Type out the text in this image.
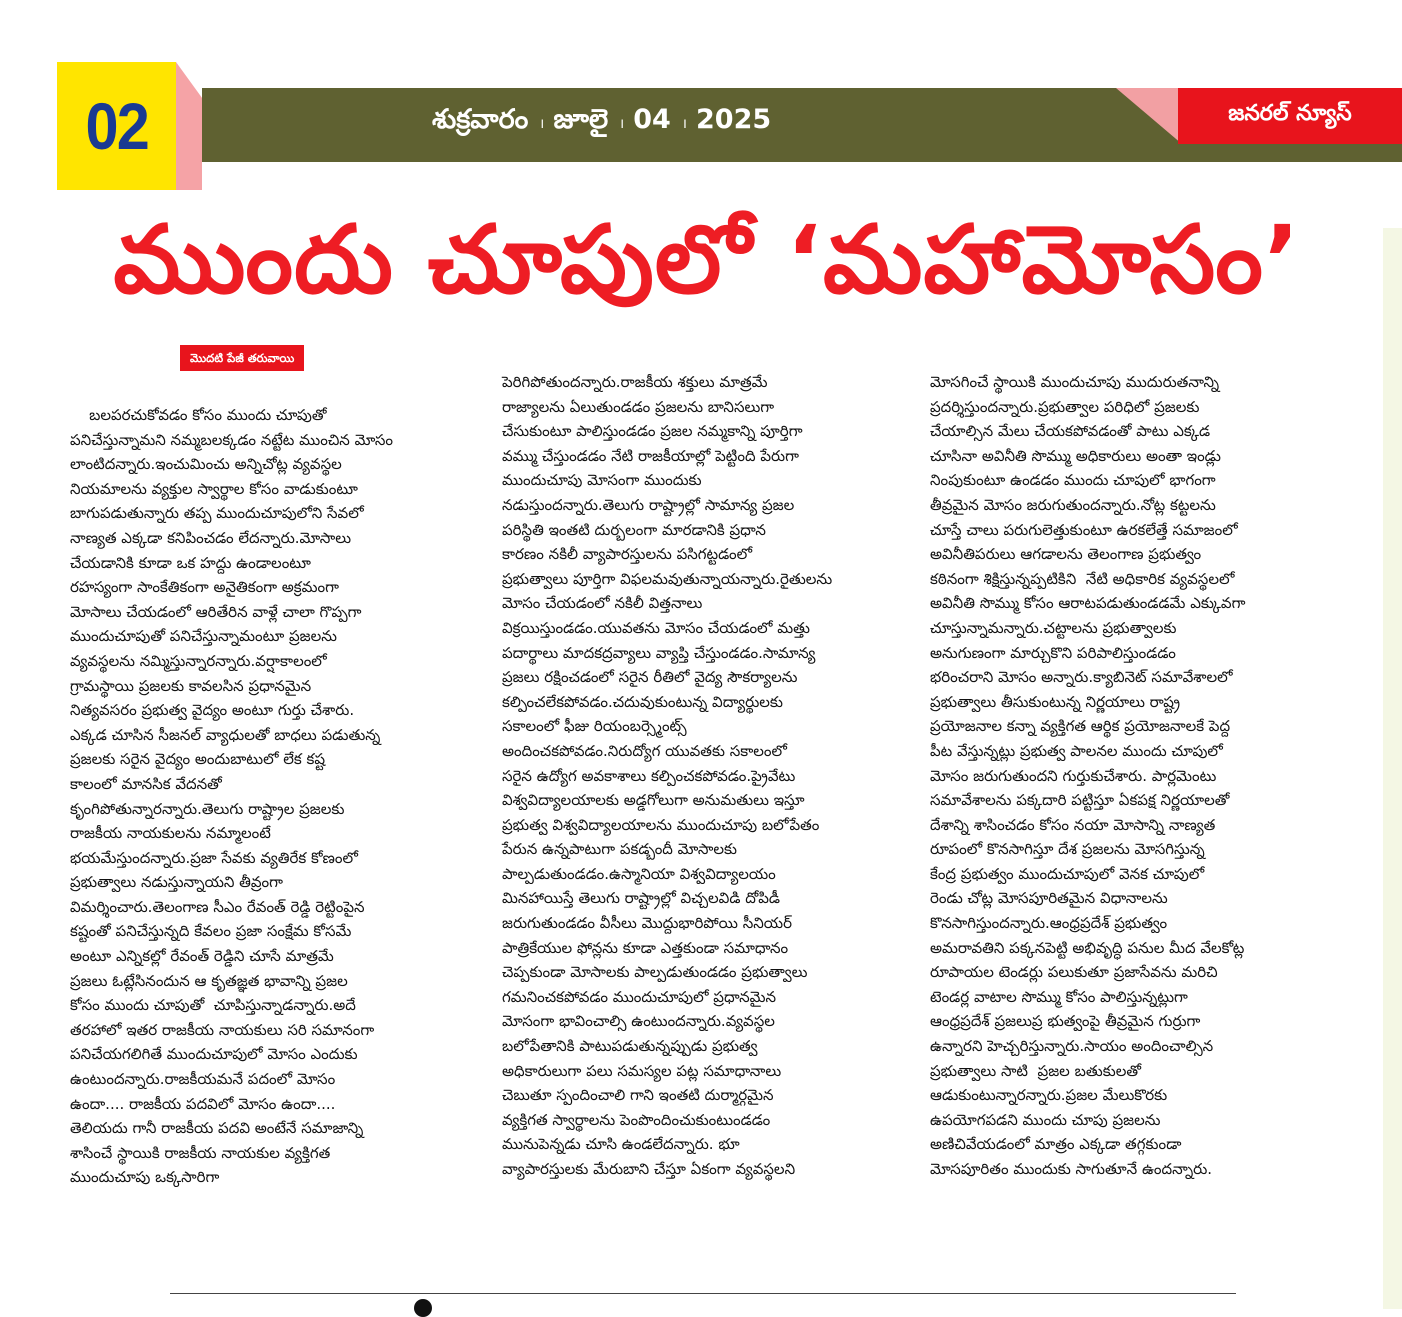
02	శుక్రవారం ı జూలై ı 04 ı 2025	జనరల్ న్యూస్
ముందు చూపులో ‘మహామోసం’
మొదటి పేజీ తరువాయి
బలపరచుకోవడం కోసం ముందు చూపుతో
పనిచేస్తున్నామని నమ్మబలక్కడం నట్టేట ముంచిన మోసం
లాంటిదన్నారు.ఇంచుమించు అన్నిచోట్ల వ్యవస్థల
నియమాలను వ్యక్తుల స్వార్థాల కోసం వాడుకుంటూ
బాగుపడుతున్నారు తప్ప ముందుచూపులోని సేవలో
నాణ్యత ఎక్కడా కనిపించడం లేదన్నారు.మోసాలు
చేయడానికి కూడా ఒక హద్దు ఉండాలంటూ
రహస్యంగా సాంకేతికంగా అనైతికంగా అక్రమంగా
మోసాలు చేయడంలో ఆరితేరిన వాళ్లే చాలా గొప్పగా
ముందుచూపుతో పనిచేస్తున్నామంటూ ప్రజలను
వ్యవస్థలను నమ్మిస్తున్నారన్నారు.వర్షాకాలంలో
గ్రామస్థాయి ప్రజలకు కావలసిన ప్రధానమైన
నిత్యవసరం ప్రభుత్వ వైద్యం అంటూ గుర్తు చేశారు.
ఎక్కడ చూసిన సీజనల్ వ్యాధులతో బాధలు పడుతున్న
ప్రజలకు సరైన వైద్యం అందుబాటులో లేక కష్ట
కాలంలో మానసిక వేదనతో
కృంగిపోతున్నారన్నారు.తెలుగు రాష్ట్రాల ప్రజలకు
రాజకీయ నాయకులను నమ్మాలంటే
భయమేస్తుందన్నారు.ప్రజా సేవకు వ్యతిరేక కోణంలో
ప్రభుత్వాలు నడుస్తున్నాయని తీవ్రంగా
విమర్శించారు.తెలంగాణ సీఎం రేవంత్ రెడ్డి రెట్టింపైన
కష్టంతో పనిచేస్తున్నది కేవలం ప్రజా సంక్షేమ కోసమే
అంటూ ఎన్నికల్లో రేవంత్ రెడ్డిని చూసే మాత్రమే
ప్రజలు ఓట్లేసినందున ఆ కృతజ్ఞత భావాన్ని ప్రజల
కోసం ముందు చూపుతో  చూపిస్తున్నాడన్నారు.అదే
తరహాలో ఇతర రాజకీయ నాయకులు సరి సమానంగా
పనిచేయగలిగితే ముందుచూపులో మోసం ఎందుకు
ఉంటుందన్నారు.రాజకీయమనే పదంలో మోసం
ఉందా.... రాజకీయ పదవిలో మోసం ఉందా....
తెలియదు గానీ రాజకీయ పదవి అంటేనే సమాజాన్ని
శాసించే స్థాయికి రాజకీయ నాయకుల వ్యక్తిగత
ముందుచూపు ఒక్కసారిగా
పెరిగిపోతుందన్నారు.రాజకీయ శక్తులు మాత్రమే
రాజ్యాలను ఏలుతుండడం ప్రజలను బానిసలుగా
చేసుకుంటూ పాలిస్తుండడం ప్రజల నమ్మకాన్ని పూర్తిగా
వమ్ము చేస్తుండడం నేటి రాజకీయాల్లో పెట్టింది పేరుగా
ముందుచూపు మోసంగా ముందుకు
నడుస్తుందన్నారు.తెలుగు రాష్ట్రాల్లో సామాన్య ప్రజల
పరిస్థితి ఇంతటి దుర్బలంగా మారడానికి ప్రధాన
కారణం నకిలీ వ్యాపారస్తులను పసిగట్టడంలో
ప్రభుత్వాలు పూర్తిగా విఫలమవుతున్నాయన్నారు.రైతులను
మోసం చేయడంలో నకిలీ విత్తనాలు
విక్రయిస్తుండడం.యువతను మోసం చేయడంలో మత్తు
పదార్థాలు మాదకద్రవ్యాలు వ్యాప్తి చేస్తుండడం.సామాన్య
ప్రజలు రక్షించడంలో సరైన రీతిలో వైద్య సౌకర్యాలను
కల్పించలేకపోవడం.చదువుకుంటున్న విద్యార్థులకు
సకాలంలో ఫీజు రియంబర్స్మెంట్స్
అందించకపోవడం.నిరుద్యోగ యువతకు సకాలంలో
సరైన ఉద్యోగ అవకాశాలు కల్పించకపోవడం.ప్రైవేటు
విశ్వవిద్యాలయాలకు అడ్డగోలుగా అనుమతులు ఇస్తూ
ప్రభుత్వ విశ్వవిద్యాలయాలను ముందుచూపు బలోపేతం
పేరున ఉన్నపాటుగా పకడ్బందీ మోసాలకు
పాల్పడుతుండడం.ఉస్మానియా విశ్వవిద్యాలయం
మినహాయిస్తే తెలుగు రాష్ట్రాల్లో విచ్చలవిడి దోపిడీ
జరుగుతుండడం వీసీలు మొద్దుభారిపోయి సీనియర్
పాత్రికేయుల ఫోన్లను కూడా ఎత్తకుండా సమాధానం
చెప్పకుండా మోసాలకు పాల్పడుతుండడం ప్రభుత్వాలు
గమనించకపోవడం ముందుచూపులో ప్రధానమైన
మోసంగా భావించాల్సి ఉంటుందన్నారు.వ్యవస్థల
బలోపేతానికి పాటుపడుతున్నప్పుడు ప్రభుత్వ
అధికారులుగా పలు సమస్యల పట్ల సమాధానాలు
చెబుతూ స్పందించాలి గాని ఇంతటి దుర్మార్గమైన
వ్యక్తిగత స్వార్థాలను పెంపొందించుకుంటుండడం
మునుపెన్నడు చూసి ఉండలేదన్నారు. భూ
వ్యాపారస్తులకు మేరుబాని చేస్తూ ఏకంగా వ్యవస్థలని
మోసగించే స్థాయికి ముందుచూపు ముదురుతనాన్ని
ప్రదర్శిస్తుందన్నారు.ప్రభుత్వాల పరిధిలో ప్రజలకు
చేయాల్సిన మేలు చేయకపోవడంతో పాటు ఎక్కడ
చూసినా అవినీతి సొమ్ము అధికారులు అంతా ఇండ్లు
నింపుకుంటూ ఉండడం ముందు చూపులో భాగంగా
తీవ్రమైన మోసం జరుగుతుందన్నారు.నోట్ల కట్టలను
చూస్తే చాలు పరుగులెత్తుకుంటూ ఉరకలేత్తే సమాజంలో
అవినీతిపరులు ఆగడాలను తెలంగాణ ప్రభుత్వం
కఠినంగా శిక్షిస్తున్నప్పటికిని  నేటి అధికారిక వ్యవస్థలలో
అవినీతి సొమ్ము కోసం ఆరాటపడుతుండడమే ఎక్కువగా
చూస్తున్నామన్నారు.చట్టాలను ప్రభుత్వాలకు
అనుగుణంగా మార్చుకొని పరిపాలిస్తుండడం
భరించరాని మోసం అన్నారు.క్యాబినెట్ సమావేశాలలో
ప్రభుత్వాలు తీసుకుంటున్న నిర్ణయాలు రాష్ట్ర
ప్రయోజనాల కన్నా వ్యక్తిగత ఆర్థిక ప్రయోజనాలకే పెద్ద
పీట వేస్తున్నట్లు ప్రభుత్వ పాలనల ముందు చూపులో
మోసం జరుగుతుందని గుర్తుకుచేశారు. పార్లమెంటు
సమావేశాలను పక్కదారి పట్టిస్తూ ఏకపక్ష నిర్ణయాలతో
దేశాన్ని శాసించడం కోసం నయా మోసాన్ని నాణ్యత
రూపంలో కొనసాగిస్తూ దేశ ప్రజలను మోసగిస్తున్న
కేంద్ర ప్రభుత్వం ముందుచూపులో వెనక చూపులో
రెండు చోట్ల మోసపూరితమైన విధానాలను
కొనసాగిస్తుందన్నారు.ఆంధ్రప్రదేశ్ ప్రభుత్వం
అమరావతిని పక్కనపెట్టి అభివృద్ధి పనుల మీద వేలకోట్ల
రూపాయల టెండర్లు పలుకుతూ ప్రజాసేవను మరిచి
టెండర్ల వాటాల సొమ్ము కోసం పాలిస్తున్నట్లుగా
ఆంధ్రప్రదేశ్ ప్రజలుప్ర భుత్వంపై తీవ్రమైన గుర్రుగా
ఉన్నారని హెచ్చరిస్తున్నారు.సాయం అందించాల్సిన
ప్రభుత్వాలు సాటి  ప్రజల బతుకులతో
ఆడుకుంటున్నారన్నారు.ప్రజల మేలుకొరకు
ఉపయోగపడని ముందు చూపు ప్రజలను
అణిచివేయడంలో మాత్రం ఎక్కడా తగ్గకుండా
మోసపూరితం ముందుకు సాగుతూనే ఉందన్నారు.
